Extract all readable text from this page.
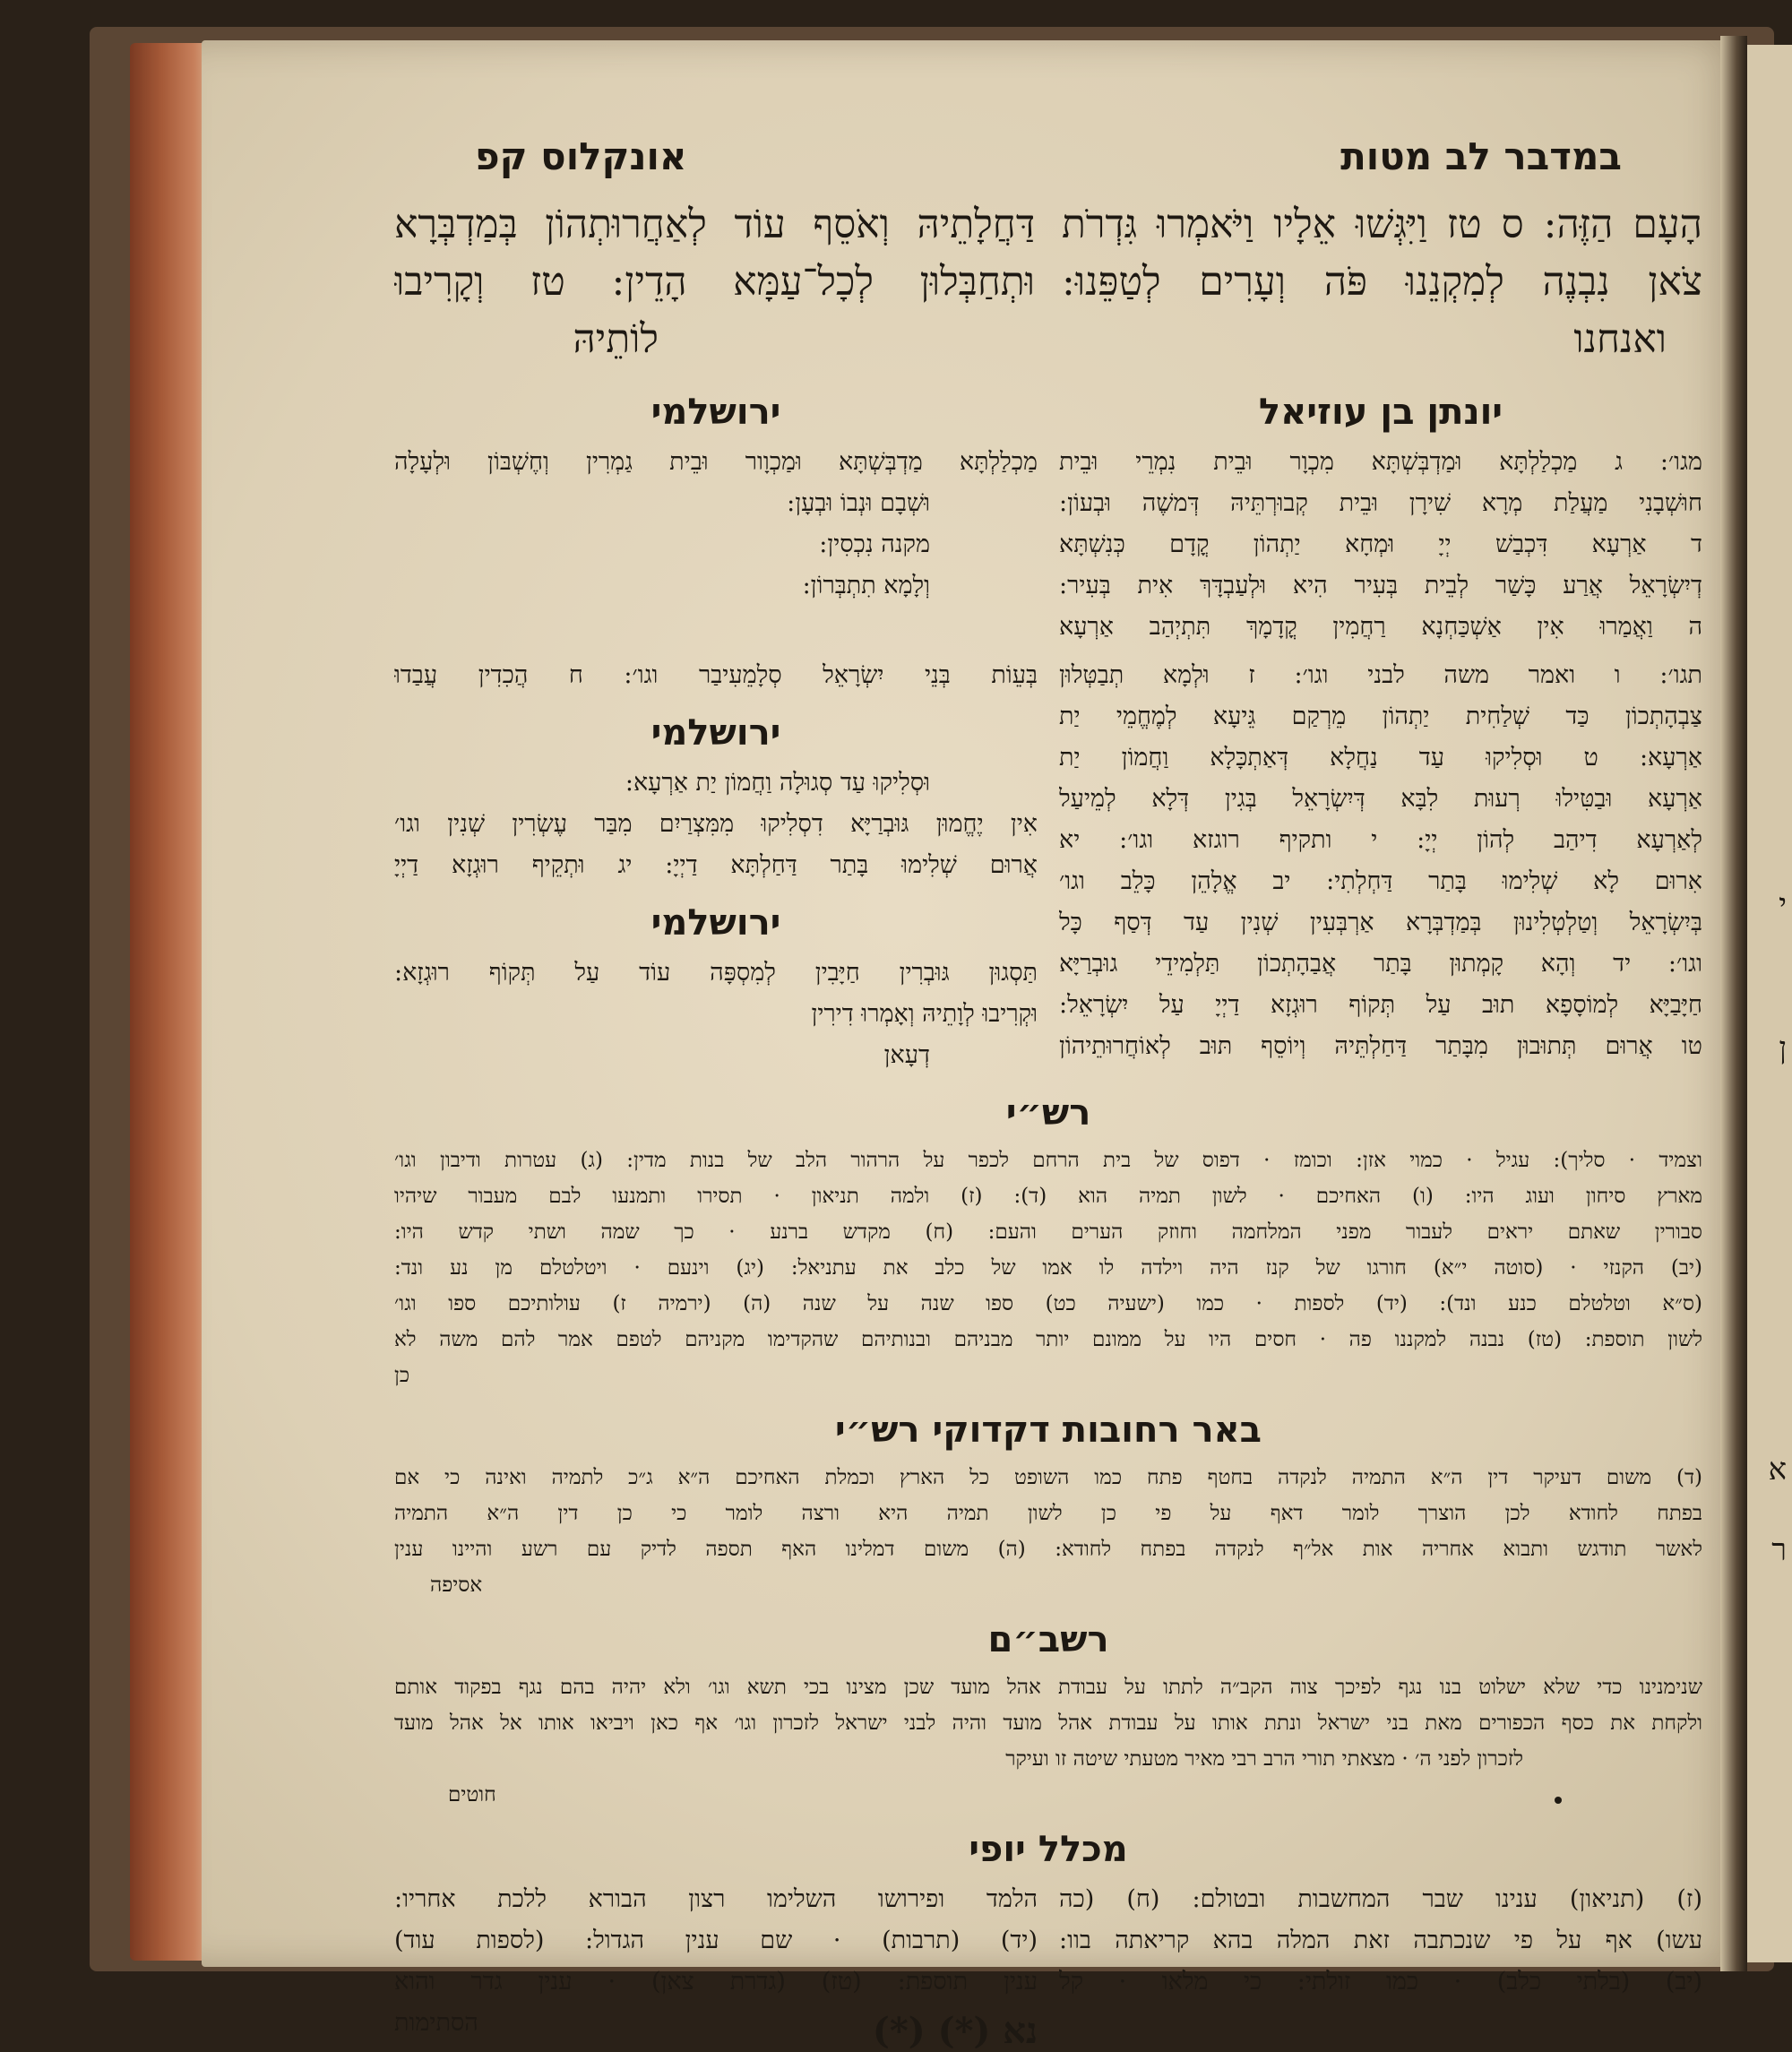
י
ן
א
ר
במדבר לב מטות
אונקלוס קפ
הָעָם הַזֶּה: ס טז וַיִּגְּשׁוּ אֵלָיו וַיֹּאמְרוּ גִּדְרֹת
צֹאן נִבְנֶה לְמִקְנֵנוּ פֹּה וְעָרִים לְטַפֵּנוּ:
ואנחנו
דַּחֲלָתֵיהּ וְאֹסֵף עוֹד לְאַחֲרוּתְהוֹן בְּמַדְבְּרָא
וּתְחַבְּלוּן לְכָל־עַמָּא הָדֵין: טז וְקָרִיבוּ
לוֹתֵיהּ
יונתן בן עוזיאל
מגו׳: ג מַכְלַלְתָּא וּמַדְבְּשְׁתָּא מִכְוָר וּבֵית נִמְרֵי וּבֵית
חוּשְׁבָנִי מַעֲלַת מְרָא שִׁירָן וּבֵית קְבוּרְתֵּיהּ דְּמשֶׁה וּבְעוֹן:
ד אַרְעָא דִּכְבַשׁ יְיָ וּמְחָא יַתְהוֹן קֳדָם כְּנִשְׁתָּא
דְיִשְׂרָאֵל אֲרַע כָּשַׁר לְבֵית בְּעִיר הִיא וּלְעַבְדָּךְ אִית בְּעִיר:
ה וַאֲמַרוּ אִין אַשְׁכַּחְנָא רַחֲמִין קֳדָמָךְ תִּתְיְהַב אַרְעָא
ירושלמי
מַכְלַלְתָּא מַדְבְּשְׁתָּא וּמַכְוָור וּבֵית גַמְרִין וְחֶשְׁבּוֹן וּלְעָלָה
וּשְׁבָם וּנְבוֹ וּבְעָן:
מקנה נִכְסִין:
וְלָמָא תִתְבְּרוֹן:
תגו׳: ו ואמר משה לבני וגו׳: ז וּלְמָא תְבַטְּלוּן
צַבְהָתְכוֹן כַּד שְׁלַחִית יַתְהוֹן מֵרְקַם גֵּיעָא לְמֶחֱמֵי יַת
אַרְעָא: ט וּסְלִיקוּ עַד נַחֲלָא דְּאַתְכָּלָא וַחֲמוֹן יַת
אַרְעָא וּבַטִּילוּ רְעוּת לִבָּא דְּיִשְׂרָאֵל בְּגִין דְּלָא לְמֵיעַל
לְאַרְעָא דִיהַב לְהוֹן יְיָ: י ותקיף רוגזא וגו׳: יא
אִרוּם לָא שְׁלִימוּ בָּתַר דַּחְלְתִי: יב אֱלָהֵן כָּלֵב וגו׳
בְּיִשְׂרָאֵל וְטַלְטְלִינוּן בְּמַדְבְּרָא אַרְבְּעִין שְׁנִין עַד דְּסַף כָּל
וגו׳: יד וְהָא קָמְתוּן בָּתַר אֲבַהָתְכוֹן תַּלְמִידֵי גוּבְרַיָּא
חַיָּבַיָּא לְמוֹסָפָא תוּב עַל תְּקוֹף רוּגְזָא דַיְיָ עַל יִשְׂרָאֵל:
טו אֲרוּם תְּתוּבוּן מִבָּתַר דַּחַלְתֵּיהּ וְיוֹסֵף תּוּב לְאוֹחֲרוּתֵיהוֹן
בְּעֵוֹת בְּנֵי יִשְׂרָאֵל סְלָמֵעִיבַר וגו׳: ח הֲכִדִין עֲבַדוּ
ירושלמי
וּסְלִיקוּ עַד סְגוּלָה וַחֲמוֹן יַת אַרְעָא:
אִין יֶחֱמוּן גּוּבְרַיָּא דִסְלִיקוּ מִמִּצְרַיִם מִבַּר עֶשְׂרִין שְׁנִין וגו׳
אֲרוּם שְׁלִימוּ בָּתַר דַּחַלְתָּא דַיְיָ: יג וּתְקֵיף רוּגְזָא דַיְיָ
ירושלמי
תַּסְגוּן גּוּבְרִין חַיָּבִין לְמִסְפָּה עוֹד עַל תְּקוֹף רוּגְזָא:
וּקְרִיבוּ לְוָתֵיהּ וְאָמְרוּ דִירִין
דְעָאן
רש״י
וצמיד · סליך): עגיל · כמוי אזן: וכומז · דפוס של בית הרחם לכפר על הרהור הלב של בנות מדין: (ג) עטרות ודיבון וגו׳
מארץ סיחון ועוג היו: (ו) האחיכם · לשון תמיה הוא (ד): (ז) ולמה תניאון · תסירו ותמנעו לבם מעבור שיהיו
סבורין שאתם יראים לעבור מפני המלחמה וחוזק הערים והעם: (ח) מקדש ברנע · כך שמה ושתי קדש היו:
(יב) הקנזי · (סוטה י״א) חורגו של קנז היה וילדה לו אמו של כלב את עתניאל: (יג) וינעם · ויטלטלם מן נע ונד:
(ס״א וטלטלם כנע ונד): (יד) לספות · כמו (ישעיה כט) ספו שנה על שנה (ה) (ירמיה ז) עולותיכם ספו וגו׳
לשון תוספת: (טז) נבנה למקננו פה · חסים היו על ממונם יותר מבניהם ובנותיהם שהקדימו מקניהם לטפם אמר להם משה לא
כן
באר רחובות דקדוקי רש״י
(ד) משום דעיקר דין ה״א התמיה לנקדה בחטף פתח כמו השופט כל הארץ וכמלת האחיכם ה״א ג״כ לתמיה ואינה כי אם
בפתח לחודא לכן הוצרך לומר דאף על פי כן לשון תמיה היא ורצה לומר כי כן דין ה״א התמיה
לאשר תודגש ותבוא אחריה אות אל״ף לנקדה בפתח לחודא: (ה) משום דמלינו האף תספה לדיק עם רשע והיינו ענין
אסיפה
רשב״ם
שנימנינו כדי שלא ישלוט בנו נגף לפיכך צוה הקב״ה לתתו על עבודת אהל מועד שכן מצינו בכי תשא וגו׳ ולא יהיה בהם נגף בפקוד אותם
ולקחת את כסף הכפורים מאת בני ישראל ונתת אותו על עבודת אהל מועד והיה לבני ישראל לזכרון וגו׳ אף כאן ויביאו אותו אל אהל מועד
לזכרון לפני ה׳ · מצאתי תורי הרב רבי מאיר מטעתי שיטה זו ועיקר
חוטים
מכלל יופי
(ז) (תניאון) ענינו שבר המחשבות ובטולם: (ח) (כה
עשו) אף על פי שנכתבה זאת המלה בהא קריאתה בוו:
(יב) (בלתי כלב) · כמו זולתי: כי מלאו · קל
הלמד ופירושו השלימו רצון הבורא ללכת אחריו:
(יד) (תרבות) · שם ענין הגדול: (לספות עוד)
ענין תוספת: (טז) (גדרת צאן) · ענין גדר והוא
נא (*) (*)
הסתימות
